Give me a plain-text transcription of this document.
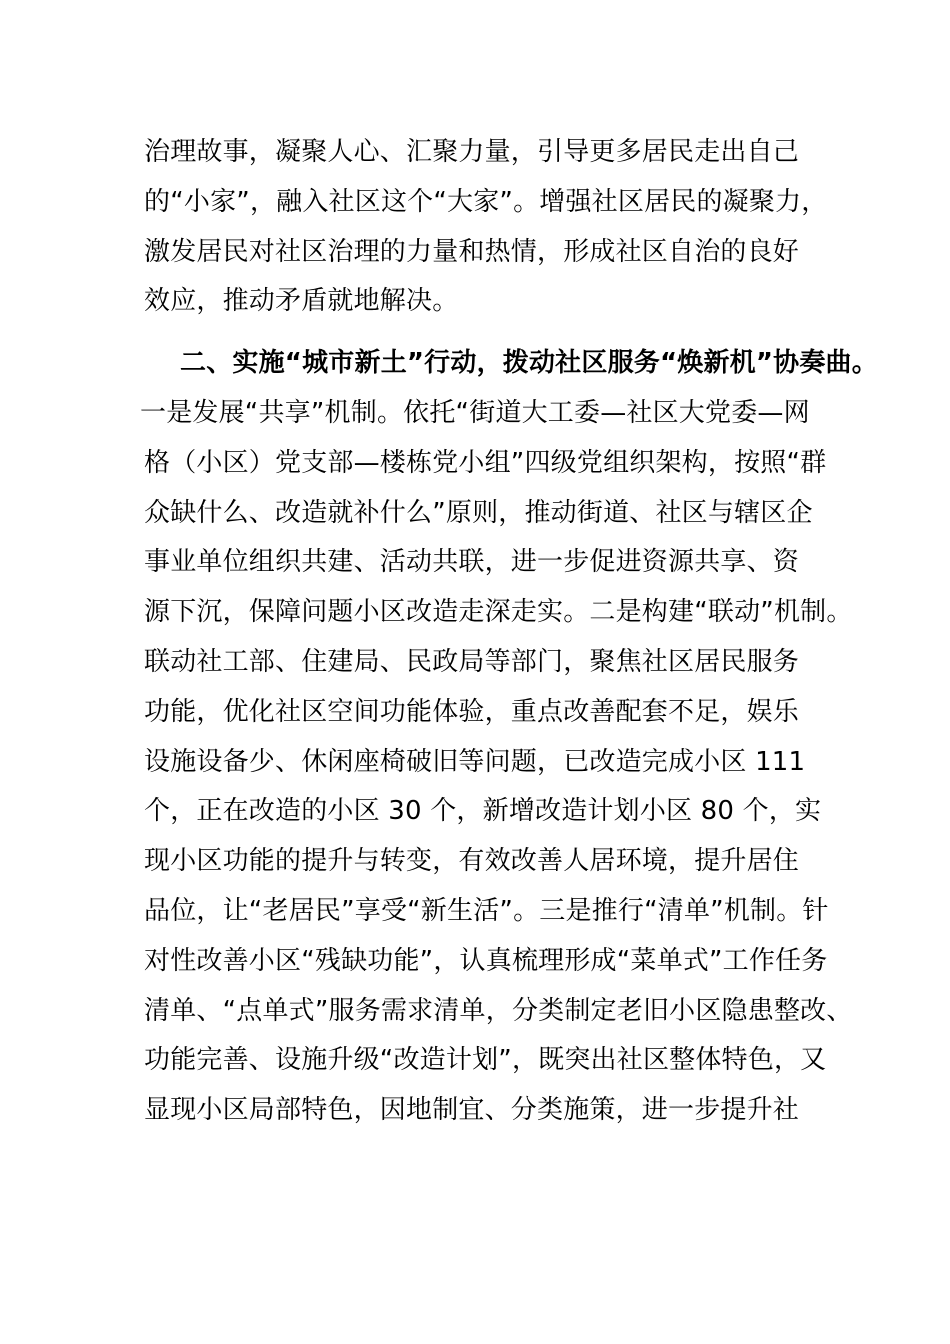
治理故事，凝聚人心、汇聚力量，引导更多居民走出自己
的“小家”，融入社区这个“大家”。增强社区居民的凝聚力，
激发居民对社区治理的力量和热情，形成社区自治的良好
效应，推动矛盾就地解决。
二、实施“城市新土”行动，拨动社区服务“焕新机”协奏曲。
一是发展“共享”机制。依托“街道大工委—社区大党委—网
格（小区）党支部—楼栋党小组”四级党组织架构，按照“群
众缺什么、改造就补什么”原则，推动街道、社区与辖区企
事业单位组织共建、活动共联，进一步促进资源共享、资
源下沉，保障问题小区改造走深走实。二是构建“联动”机制。
联动社工部、住建局、民政局等部门，聚焦社区居民服务
功能，优化社区空间功能体验，重点改善配套不足，娱乐
设施设备少、休闲座椅破旧等问题，已改造完成小区 111
个，正在改造的小区 30 个，新增改造计划小区 80 个，实
现小区功能的提升与转变，有效改善人居环境，提升居住
品位，让“老居民”享受“新生活”。三是推行“清单”机制。针
对性改善小区“残缺功能”，认真梳理形成“菜单式”工作任务
清单、“点单式”服务需求清单，分类制定老旧小区隐患整改、
功能完善、设施升级“改造计划”，既突出社区整体特色，又
显现小区局部特色，因地制宜、分类施策，进一步提升社
